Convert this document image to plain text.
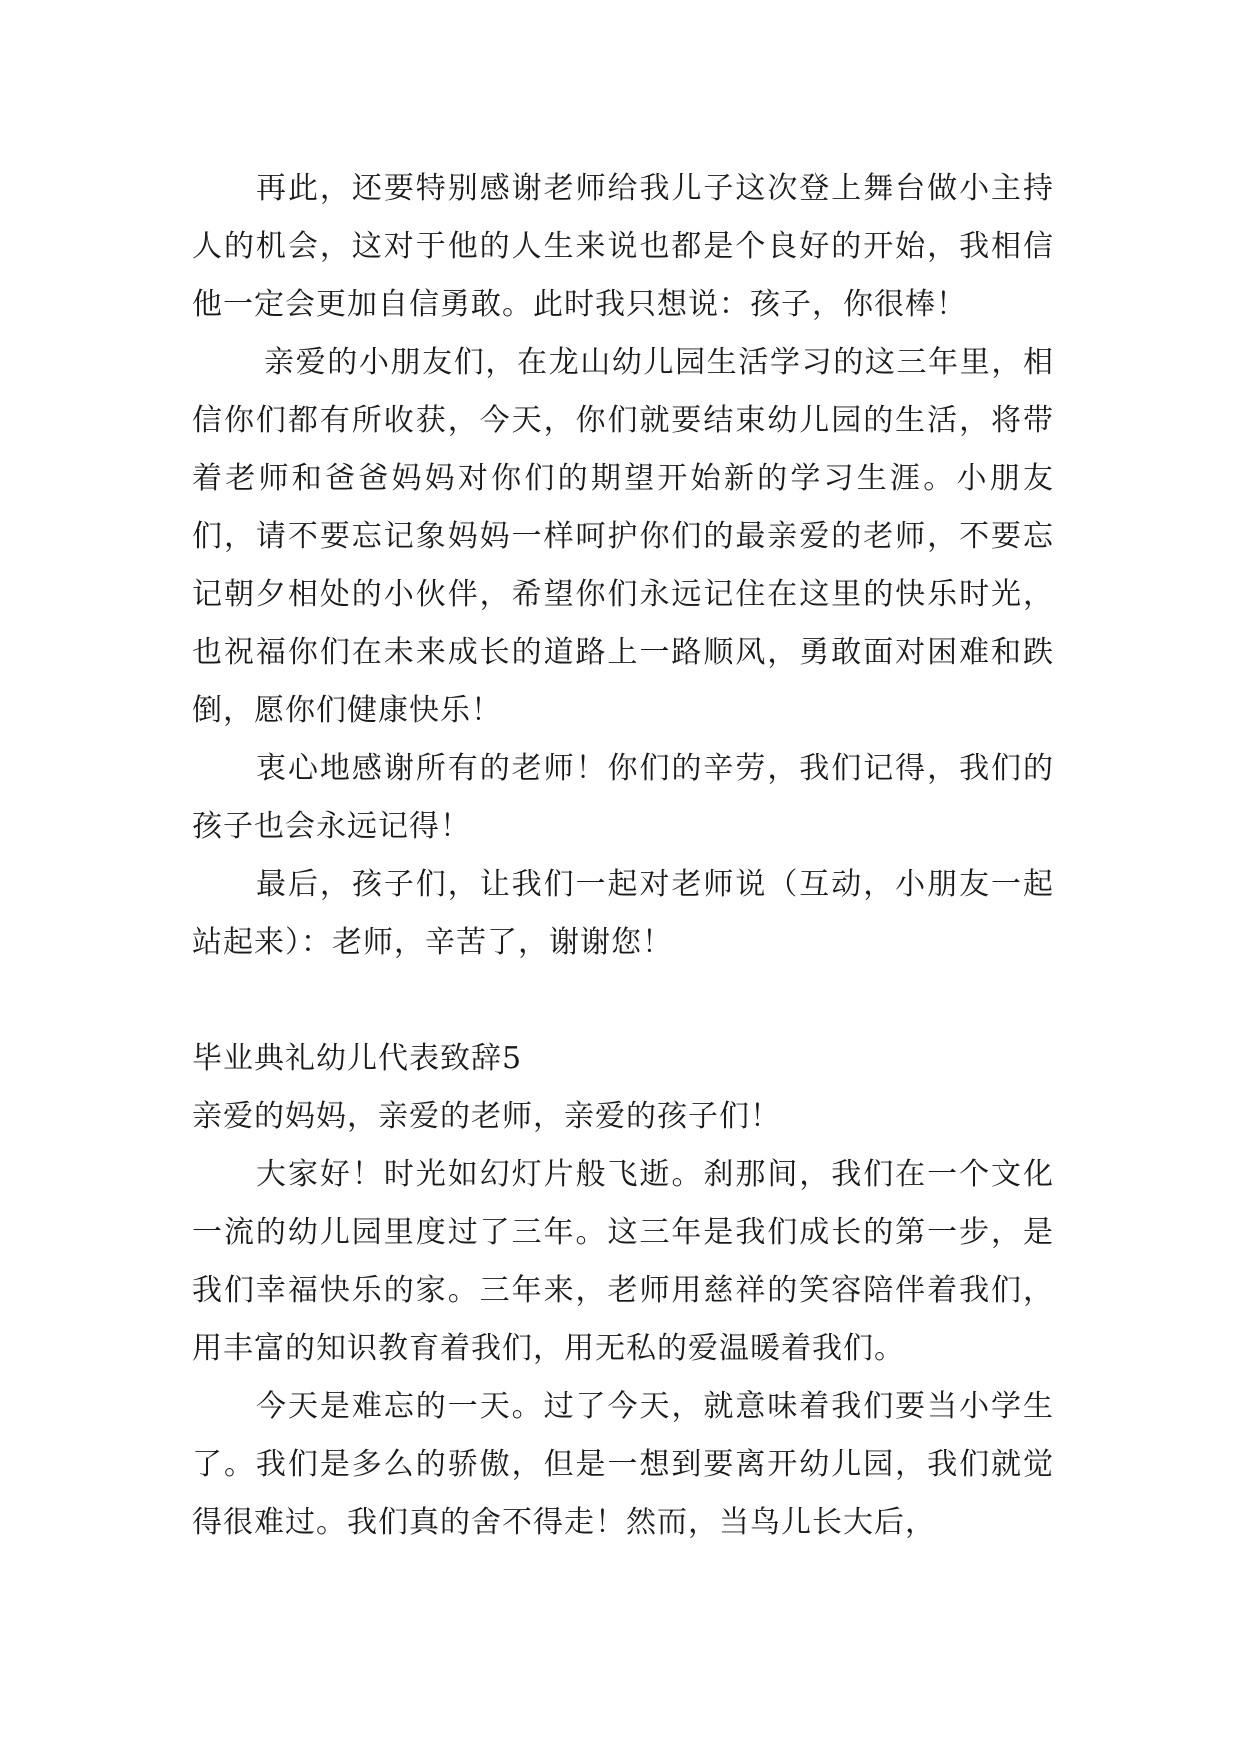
再此，还要特别感谢老师给我儿子这次登上舞台做小主持人的机会，这对于他的人生来说也都是个良好的开始，我相信他一定会更加自信勇敢。此时我只想说：孩子，你很棒！

亲爱的小朋友们，在龙山幼儿园生活学习的这三年里，相信你们都有所收获，今天，你们就要结束幼儿园的生活，将带着老师和爸爸妈妈对你们的期望开始新的学习生涯。小朋友们，请不要忘记象妈妈一样呵护你们的最亲爱的老师，不要忘记朝夕相处的小伙伴，希望你们永远记住在这里的快乐时光，也祝福你们在未来成长的道路上一路顺风，勇敢面对困难和跌倒，愿你们健康快乐！

衷心地感谢所有的老师！你们的辛劳，我们记得，我们的孩子也会永远记得！

最后，孩子们，让我们一起对老师说（互动，小朋友一起站起来）：老师，辛苦了，谢谢您！

毕业典礼幼儿代表致辞5

亲爱的妈妈，亲爱的老师，亲爱的孩子们！

大家好！时光如幻灯片般飞逝。刹那间，我们在一个文化一流的幼儿园里度过了三年。这三年是我们成长的第一步，是我们幸福快乐的家。三年来，老师用慈祥的笑容陪伴着我们，用丰富的知识教育着我们，用无私的爱温暖着我们。

今天是难忘的一天。过了今天，就意味着我们要当小学生了。我们是多么的骄傲，但是一想到要离开幼儿园，我们就觉得很难过。我们真的舍不得走！然而，当鸟儿长大后，
